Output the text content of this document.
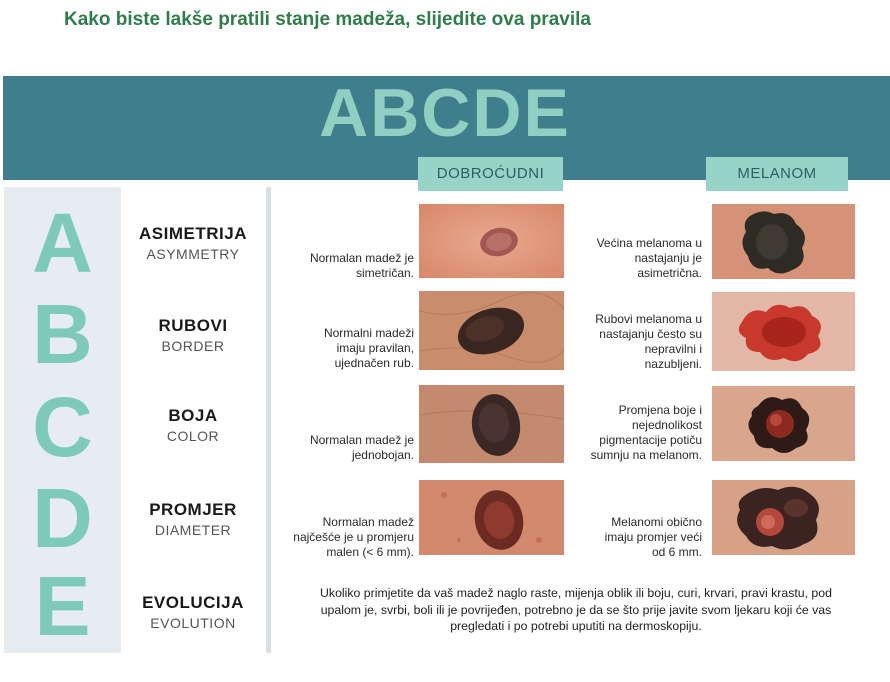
Kako biste lakše pratili stanje madeža, slijedite ova pravila
ABCDE
DOBROĆUDNI	MELANOM
A
B
C
D
E
ASIMETRIJA
ASYMMETRY
RUBOVI
BORDER
BOJA
COLOR
PROMJER
DIAMETER
EVOLUCIJA
EVOLUTION
Normalan madež je
simetričan.
Normalni madeži
imaju pravilan,
ujednačen rub.
Normalan madež je
jednobojan.
Normalan madež
najčešće je u promjeru
malen (< 6 mm).
Većina melanoma u
nastajanju je
asimetrična.
Rubovi melanoma u
nastajanju često su
nepravilni i
nazubljeni.
Promjena boje i
nejednolikost
pigmentacije potiču
sumnju na melanom.
Melanomi obično
imaju promjer veći
od 6 mm.
Ukoliko primjetite da vaš madež naglo raste, mijenja oblik ili boju, curi, krvari, pravi krastu, pod
upalom je, svrbi, boli ili je povrijeđen, potrebno je da se što prije javite svom ljekaru koji će vas
pregledati i po potrebi uputiti na dermoskopiju.
